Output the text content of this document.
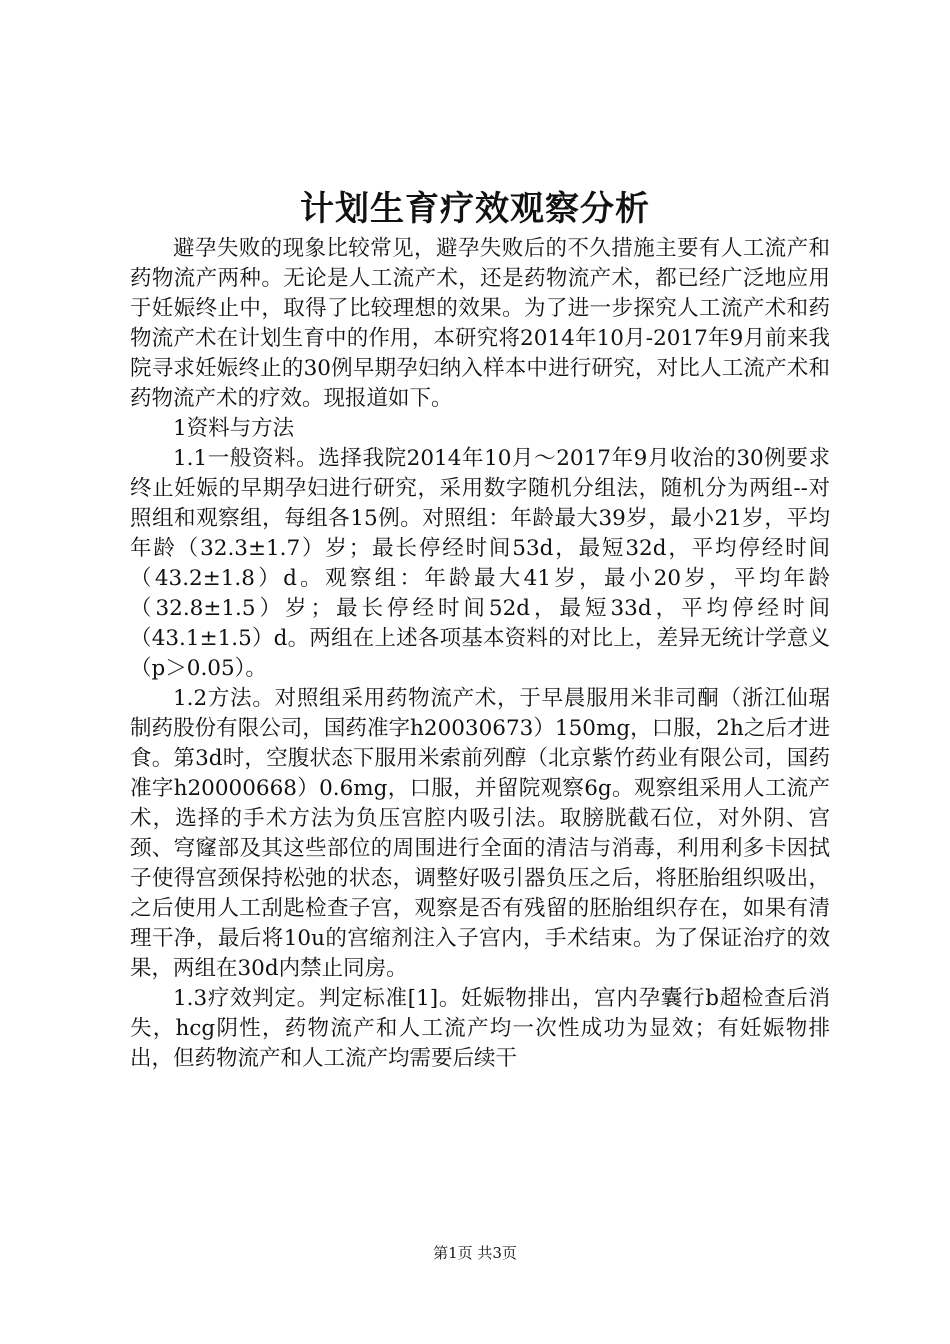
计划生育疗效观察分析

避孕失败的现象比较常见，避孕失败后的不久措施主要有人工流产和药物流产两种。无论是人工流产术，还是药物流产术，都已经广泛地应用于妊娠终止中，取得了比较理想的效果。为了进一步探究人工流产术和药物流产术在计划生育中的作用，本研究将2014年10月-2017年9月前来我院寻求妊娠终止的30例早期孕妇纳入样本中进行研究，对比人工流产术和药物流产术的疗效。现报道如下。

1资料与方法

1.1一般资料。选择我院2014年10月～2017年9月收治的30例要求终止妊娠的早期孕妇进行研究，采用数字随机分组法，随机分为两组--对照组和观察组，每组各15例。对照组：年龄最大39岁，最小21岁，平均年龄（32.3±1.7）岁；最长停经时间53d，最短32d，平均停经时间（43.2±1.8）d。观察组：年龄最大41岁，最小20岁，平均年龄（32.8±1.5）岁；最长停经时间52d，最短33d，平均停经时间（43.1±1.5）d。两组在上述各项基本资料的对比上，差异无统计学意义（p＞0.05）。

1.2方法。对照组采用药物流产术，于早晨服用米非司酮（浙江仙琚制药股份有限公司，国药准字h20030673）150mg，口服，2h之后才进食。第3d时，空腹状态下服用米索前列醇（北京紫竹药业有限公司，国药准字h20000668）0.6mg，口服，并留院观察6g。观察组采用人工流产术，选择的手术方法为负压宫腔内吸引法。取膀胱截石位，对外阴、宫颈、穹窿部及其这些部位的周围进行全面的清洁与消毒，利用利多卡因拭子使得宫颈保持松弛的状态，调整好吸引器负压之后，将胚胎组织吸出，之后使用人工刮匙检查子宫，观察是否有残留的胚胎组织存在，如果有清理干净，最后将10u的宫缩剂注入子宫内，手术结束。为了保证治疗的效果，两组在30d内禁止同房。

1.3疗效判定。判定标准[1]。妊娠物排出，宫内孕囊行b超检查后消失，hcg阴性，药物流产和人工流产均一次性成功为显效；有妊娠物排出，但药物流产和人工流产均需要后续干

第1页 共3页
